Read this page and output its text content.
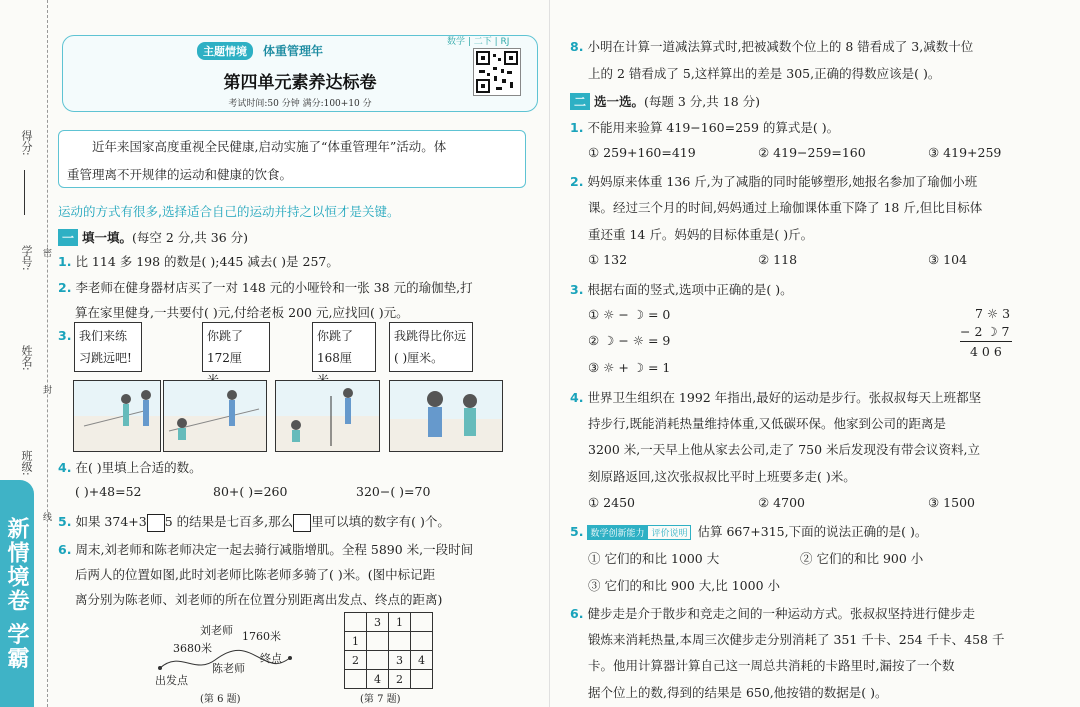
得分:
学号:
姓名:
班级:
密
封
线
新情境卷 学霸
主题情境	体重管理年
数学 | 二下 | RJ
第四单元素养达标卷
考试时间:50 分钟 满分:100+10 分
近年来国家高度重视全民健康,启动实施了“体重管理年”活动。体
重管理离不开规律的运动和健康的饮食。
运动的方式有很多,选择适合自己的运动并持之以恒才是关键。
一 填一填。(每空 2 分,共 36 分)
1. 比 114 多 198 的数是( );445 减去( )是 257。
2. 李老师在健身器材店买了一对 148 元的小哑铃和一张 38 元的瑜伽垫,打
算在家里健身,一共要付( )元,付给老板 200 元,应找回( )元。
3. 我们来练习跳远吧!
你跳了172厘
你跳了168厘
我跳得比你远( )厘米。
4. 在( )里填上合适的数。
( )+48=52	80+( )=260	320−( )=70
5. 如果 374+3 5 的结果是七百多,那么 里可以填的数字有( )个。
6. 周末,刘老师和陈老师决定一起去骑行减脂增肌。全程 5890 米,一段时间
后两人的位置如图,此时刘老师比陈老师多骑了( )米。(图中标记距
离分别为陈老师、刘老师的所在位置分别距离出发点、终点的距离)
刘老师
3680米
1760米
陈老师
终点
出发点
(第 6 题)
	3	1	
1			
2		3	4
	4	2	
(第 7 题)
8. 小明在计算一道减法算式时,把被减数个位上的 8 错看成了 3,减数十位
上的 2 错看成了 5,这样算出的差是 305,正确的得数应该是( )。
二 选一选。(每题 3 分,共 18 分)
1. 不能用来验算 419−160=259 的算式是( )。
① 259+160=419	② 419−259=160	③ 419+259
2. 妈妈原来体重 136 斤,为了减脂的同时能够塑形,她报名参加了瑜伽小班
课。经过三个月的时间,妈妈通过上瑜伽课体重下降了 18 斤,但比目标体
重还重 14 斤。妈妈的目标体重是( )斤。
① 132	② 118	③ 104
3. 根据右面的竖式,选项中正确的是( )。
① ☼ − ☽ = 0
② ☽ − ☼ = 9
③ ☼ + ☽ = 1
7 ☼ 3
− 2 ☽ 7
4 0 6
4. 世界卫生组织在 1992 年指出,最好的运动是步行。张叔叔每天上班都坚
持步行,既能消耗热量维持体重,又低碳环保。他家到公司的距离是
3200 米,一天早上他从家去公司,走了 750 米后发现没有带会议资料,立
刻原路返回,这次张叔叔比平时上班要多走( )米。
① 2450	② 4700	③ 1500
5. 数学创新能力 评价说明 估算 667+315,下面的说法正确的是( )。
① 它们的和比 1000 大	② 它们的和比 900 小
③ 它们的和比 900 大,比 1000 小
6. 健步走是介于散步和竞走之间的一种运动方式。张叔叔坚持进行健步走
锻炼来消耗热量,本周三次健步走分别消耗了 351 千卡、254 千卡、458 千
卡。他用计算器计算自己这一周总共消耗的卡路里时,漏按了一个数
据个位上的数,得到的结果是 650,他按错的数据是( )。
